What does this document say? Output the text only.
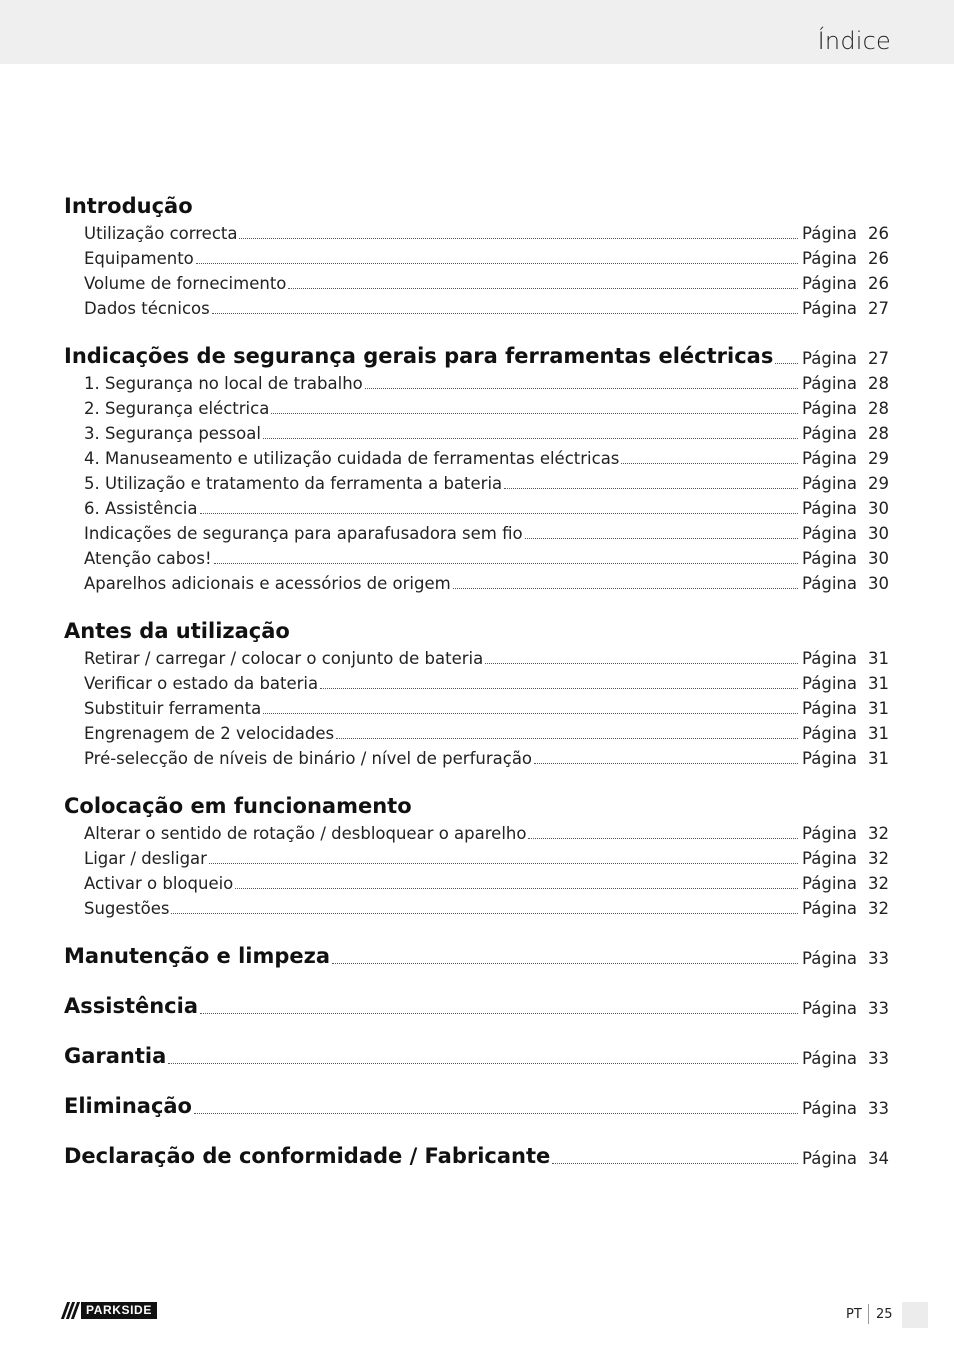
Índice
Introdução
Utilização correcta	Página 26
Equipamento	Página 26
Volume de fornecimento	Página 26
Dados técnicos	Página 27
Indicações de segurança gerais para ferramentas eléctricas Página 27
1. Segurança no local de trabalho	Página 28
2. Segurança eléctrica	Página 28
3. Segurança pessoal	Página 28
4. Manuseamento e utilização cuidada de ferramentas eléctricas	Página 29
5. Utilização e tratamento da ferramenta a bateria	Página 29
6. Assistência	Página 30
Indicações de segurança para aparafusadora sem fio	Página 30
Atenção cabos!	Página 30
Aparelhos adicionais e acessórios de origem	Página 30
Antes da utilização
Retirar / carregar / colocar o conjunto de bateria	Página 31
Verificar o estado da bateria	Página 31
Substituir ferramenta	Página 31
Engrenagem de 2 velocidades	Página 31
Pré-selecção de níveis de binário / nível de perfuração	Página 31
Colocação em funcionamento
Alterar o sentido de rotação / desbloquear o aparelho	Página 32
Ligar / desligar	Página 32
Activar o bloqueio	Página 32
Sugestões	Página 32
Manutenção e limpeza	Página 33
Assistência	Página 33
Garantia	Página 33
Eliminação	Página 33
Declaração de conformidade / Fabricante	Página 34
PARKSIDE	PT 25
